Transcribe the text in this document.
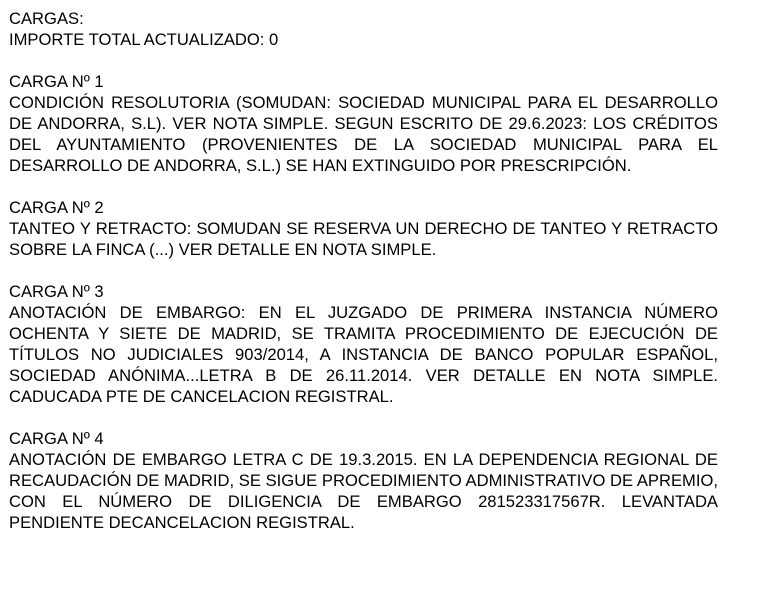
CARGAS:
IMPORTE TOTAL ACTUALIZADO: 0
CARGA Nº 1
CONDICIÓN RESOLUTORIA (SOMUDAN: SOCIEDAD MUNICIPAL PARA EL DESARROLLO DE ANDORRA, S.L). VER NOTA SIMPLE. SEGUN ESCRITO DE 29.6.2023: LOS CRÉDITOS DEL AYUNTAMIENTO (PROVENIENTES DE LA SOCIEDAD MUNICIPAL PARA EL DESARROLLO DE ANDORRA, S.L.) SE HAN EXTINGUIDO POR PRESCRIPCIÓN.
CARGA Nº 2
TANTEO Y RETRACTO: SOMUDAN SE RESERVA UN DERECHO DE TANTEO Y RETRACTO SOBRE LA FINCA (...) VER DETALLE EN NOTA SIMPLE.
CARGA Nº 3
ANOTACIÓN DE EMBARGO: EN EL JUZGADO DE PRIMERA INSTANCIA NÚMERO OCHENTA Y SIETE DE MADRID, SE TRAMITA PROCEDIMIENTO DE EJECUCIÓN DE TÍTULOS NO JUDICIALES 903/2014, A INSTANCIA DE BANCO POPULAR ESPAÑOL, SOCIEDAD ANÓNIMA...LETRA B DE 26.11.2014. VER DETALLE EN NOTA SIMPLE. CADUCADA PTE DE CANCELACION REGISTRAL.
CARGA Nº 4
ANOTACIÓN DE EMBARGO LETRA C DE 19.3.2015. EN LA DEPENDENCIA REGIONAL DE RECAUDACIÓN DE MADRID, SE SIGUE PROCEDIMIENTO ADMINISTRATIVO DE APREMIO, CON EL NÚMERO DE DILIGENCIA DE EMBARGO 281523317567R. LEVANTADA PENDIENTE DECANCELACION REGISTRAL.
